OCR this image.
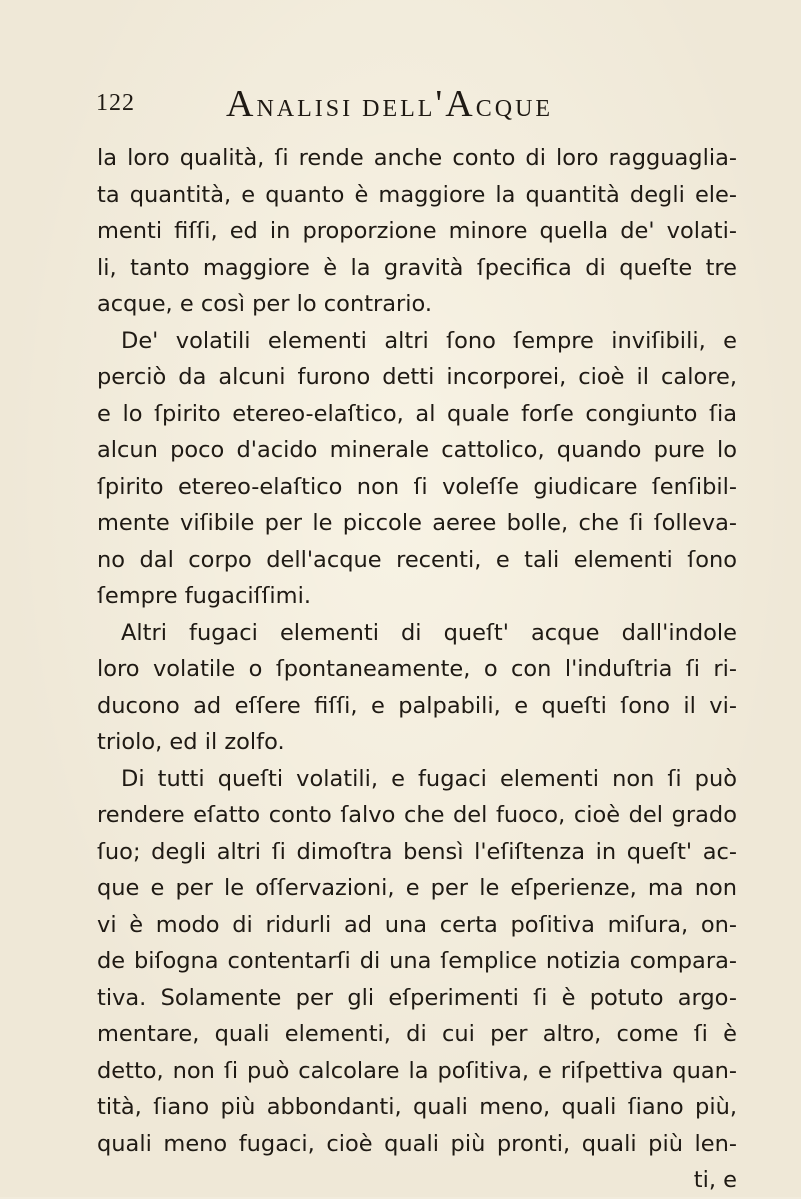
122 ANALISI DELL'ACQUE
la loro qualità, ſi rende anche conto di loro ragguaglia-
ta quantità, e quanto è maggiore la quantità degli ele-
menti fiſſi, ed in proporzione minore quella de' volati-
li, tanto maggiore è la gravità ſpecifica di queſte tre
acque, e così per lo contrario.
De' volatili elementi altri ſono ſempre inviſibili, e
perciò da alcuni furono detti incorporei, cioè il calore,
e lo ſpirito etereo-elaſtico, al quale forſe congiunto ſia
alcun poco d'acido minerale cattolico, quando pure lo
ſpirito etereo-elaſtico non ſi voleſſe giudicare ſenſibil-
mente viſibile per le piccole aeree bolle, che ſi ſolleva-
no dal corpo dell'acque recenti, e tali elementi ſono
ſempre fugaciſſimi.
Altri fugaci elementi di queſt' acque dall'indole
loro volatile o ſpontaneamente, o con l'induſtria ſi ri-
ducono ad eſſere fiſſi, e palpabili, e queſti ſono il vi-
triolo, ed il zolfo.
Di tutti queſti volatili, e fugaci elementi non ſi può
rendere eſatto conto ſalvo che del fuoco, cioè del grado
ſuo; degli altri ſi dimoſtra bensì l'eſiſtenza in queſt' ac-
que e per le oſſervazioni, e per le eſperienze, ma non
vi è modo di ridurli ad una certa poſitiva miſura, on-
de biſogna contentarſi di una ſemplice notizia compara-
tiva. Solamente per gli eſperimenti ſi è potuto argo-
mentare, quali elementi, di cui per altro, come ſi è
detto, non ſi può calcolare la poſitiva, e riſpettiva quan-
tità, ſiano più abbondanti, quali meno, quali ſiano più,
quali meno fugaci, cioè quali più pronti, quali più len-
ti, e
